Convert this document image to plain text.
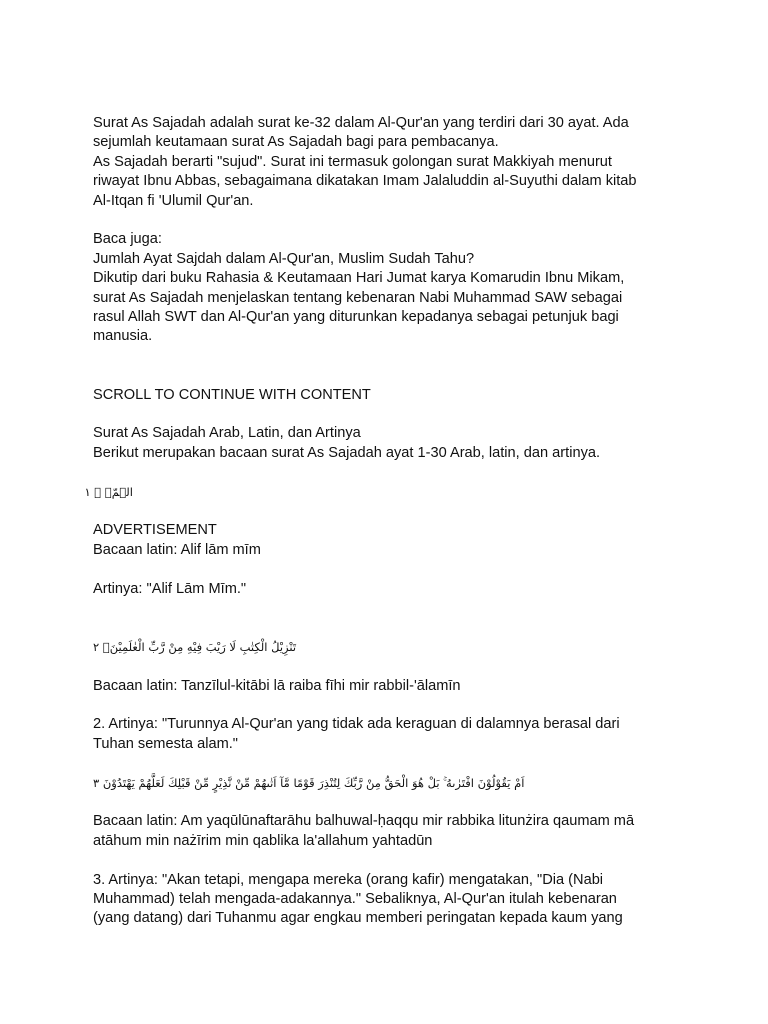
Surat As Sajadah adalah surat ke-32 dalam Al-Qur'an yang terdiri dari 30 ayat. Ada
sejumlah keutamaan surat As Sajadah bagi para pembacanya.
As Sajadah berarti "sujud". Surat ini termasuk golongan surat Makkiyah menurut
riwayat Ibnu Abbas, sebagaimana dikatakan Imam Jalaluddin al-Suyuthi dalam kitab
Al-Itqan fi 'Ulumil Qur'an.
Baca juga:
Jumlah Ayat Sajdah dalam Al-Qur'an, Muslim Sudah Tahu?
Dikutip dari buku Rahasia & Keutamaan Hari Jumat karya Komarudin Ibnu Mikam,
surat As Sajadah menjelaskan tentang kebenaran Nabi Muhammad SAW sebagai
rasul Allah SWT dan Al-Qur'an yang diturunkan kepadanya sebagai petunjuk bagi
manusia.
SCROLL TO CONTINUE WITH CONTENT
Surat As Sajadah Arab, Latin, dan Artinya
Berikut merupakan bacaan surat As Sajadah ayat 1-30 Arab, latin, dan artinya.
الۤمّۤ ۗ ١
ADVERTISEMENT
Bacaan latin: Alif lām mīm
Artinya: "Alif Lām Mīm."
تَنْزِيْلُ الْكِتٰبِ لَا رَيْبَ فِيْهِ مِنْ رَّبِّ الْعٰلَمِيْنَۗ ٢
Bacaan latin: Tanzīlul-kitābi lā raiba fīhi mir rabbil-'ālamīn
2. Artinya: "Turunnya Al-Qur'an yang tidak ada keraguan di dalamnya berasal dari
Tuhan semesta alam."
اَمْ يَقُوْلُوْنَ افْتَرٰىهُ ۚ بَلْ هُوَ الْحَقُّ مِنْ رَّبِّكَ لِتُنْذِرَ قَوْمًا مَّآ اَتٰىهُمْ مِّنْ نَّذِيْرٍ مِّنْ قَبْلِكَ لَعَلَّهُمْ يَهْتَدُوْنَ ٣
Bacaan latin: Am yaqūlūnaftarāhu balhuwal-ḥaqqu mir rabbika litunżira qaumam mā
atāhum min nażīrim min qablika la'allahum yahtadūn
3. Artinya: "Akan tetapi, mengapa mereka (orang kafir) mengatakan, "Dia (Nabi
Muhammad) telah mengada-adakannya." Sebaliknya, Al-Qur'an itulah kebenaran
(yang datang) dari Tuhanmu agar engkau memberi peringatan kepada kaum yang
